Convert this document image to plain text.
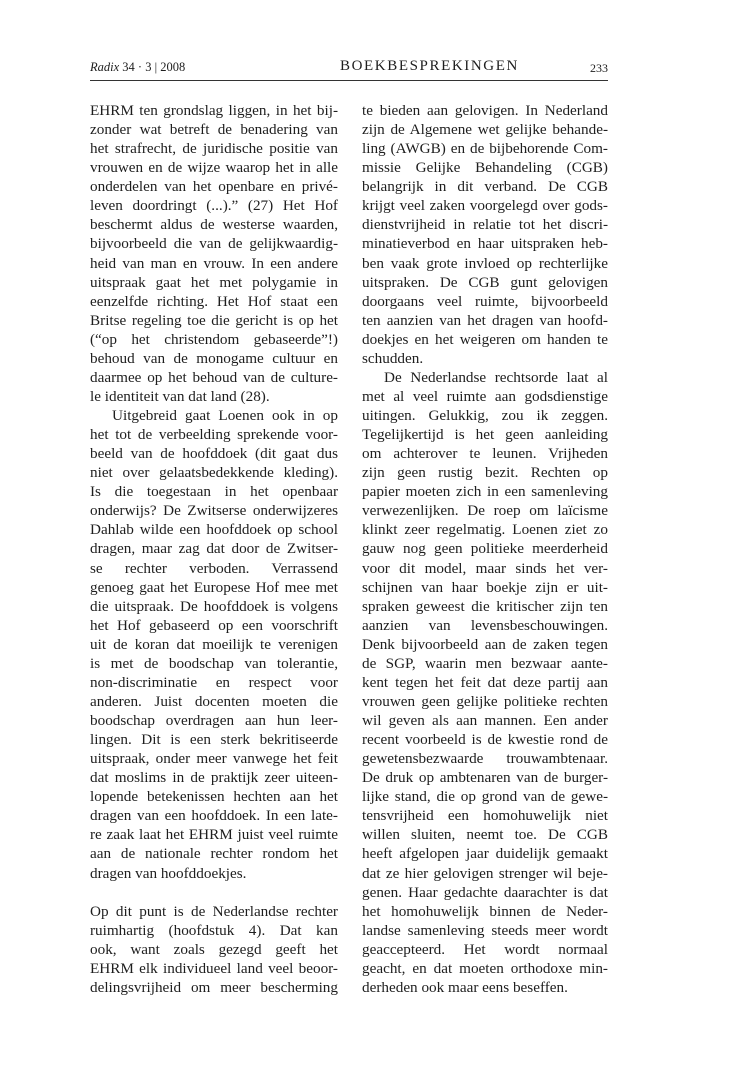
Radix 34 · 3 | 2008	BOEKBESPREKINGEN	233
EHRM ten grondslag liggen, in het bij-
zonder wat betreft de benadering van
het strafrecht, de juridische positie van
vrouwen en de wijze waarop het in alle
onderdelen van het openbare en privé-
leven doordringt (...).” (27) Het Hof
beschermt aldus de westerse waarden,
bijvoorbeeld die van de gelijkwaardig-
heid van man en vrouw. In een andere
uitspraak gaat het met polygamie in
eenzelfde richting. Het Hof staat een
Britse regeling toe die gericht is op het
(“op het christendom gebaseerde”!)
behoud van de monogame cultuur en
daarmee op het behoud van de culture-
le identiteit van dat land (28).
Uitgebreid gaat Loenen ook in op
het tot de verbeelding sprekende voor-
beeld van de hoofddoek (dit gaat dus
niet over gelaatsbedekkende kleding).
Is die toegestaan in het openbaar
onderwijs? De Zwitserse onderwijzeres
Dahlab wilde een hoofddoek op school
dragen, maar zag dat door de Zwitser-
se rechter verboden. Verrassend
genoeg gaat het Europese Hof mee met
die uitspraak. De hoofddoek is volgens
het Hof gebaseerd op een voorschrift
uit de koran dat moeilijk te verenigen
is met de boodschap van tolerantie,
non-discriminatie en respect voor
anderen. Juist docenten moeten die
boodschap overdragen aan hun leer-
lingen. Dit is een sterk bekritiseerde
uitspraak, onder meer vanwege het feit
dat moslims in de praktijk zeer uiteen-
lopende betekenissen hechten aan het
dragen van een hoofddoek. In een late-
re zaak laat het EHRM juist veel ruimte
aan de nationale rechter rondom het
dragen van hoofddoekjes.
Op dit punt is de Nederlandse rechter
ruimhartig (hoofdstuk 4). Dat kan
ook, want zoals gezegd geeft het
EHRM elk individueel land veel beoor-
delingsvrijheid om meer bescherming
te bieden aan gelovigen. In Nederland
zijn de Algemene wet gelijke behande-
ling (AWGB) en de bijbehorende Com-
missie Gelijke Behandeling (CGB)
belangrijk in dit verband. De CGB
krijgt veel zaken voorgelegd over gods-
dienstvrijheid in relatie tot het discri-
minatieverbod en haar uitspraken heb-
ben vaak grote invloed op rechterlijke
uitspraken. De CGB gunt gelovigen
doorgaans veel ruimte, bijvoorbeeld
ten aanzien van het dragen van hoofd-
doekjes en het weigeren om handen te
schudden.
De Nederlandse rechtsorde laat al
met al veel ruimte aan godsdienstige
uitingen. Gelukkig, zou ik zeggen.
Tegelijkertijd is het geen aanleiding
om achterover te leunen. Vrijheden
zijn geen rustig bezit. Rechten op
papier moeten zich in een samenleving
verwezenlijken. De roep om laïcisme
klinkt zeer regelmatig. Loenen ziet zo
gauw nog geen politieke meerderheid
voor dit model, maar sinds het ver-
schijnen van haar boekje zijn er uit-
spraken geweest die kritischer zijn ten
aanzien van levensbeschouwingen.
Denk bijvoorbeeld aan de zaken tegen
de SGP, waarin men bezwaar aante-
kent tegen het feit dat deze partij aan
vrouwen geen gelijke politieke rechten
wil geven als aan mannen. Een ander
recent voorbeeld is de kwestie rond de
gewetensbezwaarde trouwambtenaar.
De druk op ambtenaren van de burger-
lijke stand, die op grond van de gewe-
tensvrijheid een homohuwelijk niet
willen sluiten, neemt toe. De CGB
heeft afgelopen jaar duidelijk gemaakt
dat ze hier gelovigen strenger wil beje-
genen. Haar gedachte daarachter is dat
het homohuwelijk binnen de Neder-
landse samenleving steeds meer wordt
geaccepteerd. Het wordt normaal
geacht, en dat moeten orthodoxe min-
derheden ook maar eens beseffen.
